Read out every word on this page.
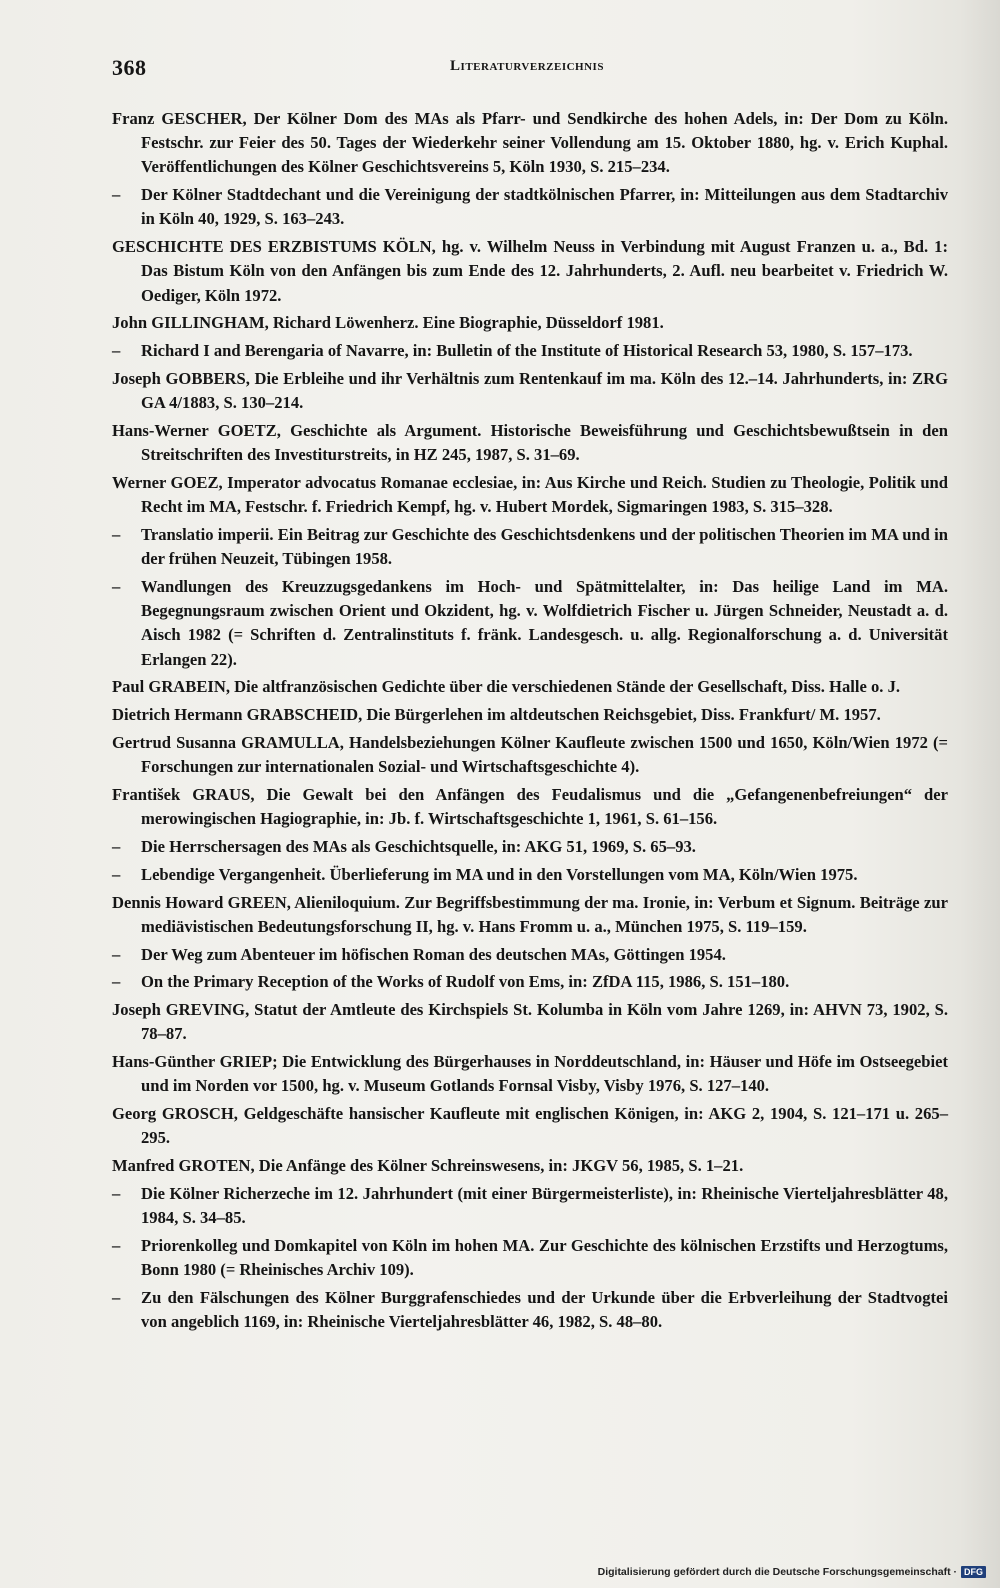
368	Literaturverzeichnis

Franz GESCHER, Der Kölner Dom des MAs als Pfarr- und Sendkirche des hohen Adels, in: Der Dom zu Köln. Festschr. zur Feier des 50. Tages der Wiederkehr seiner Vollendung am 15. Oktober 1880, hg. v. Erich Kuphal. Veröffentlichungen des Kölner Geschichtsvereins 5, Köln 1930, S. 215–234.

– Der Kölner Stadtdechant und die Vereinigung der stadtkölnischen Pfarrer, in: Mitteilungen aus dem Stadtarchiv in Köln 40, 1929, S. 163–243.

GESCHICHTE DES ERZBISTUMS KÖLN, hg. v. Wilhelm Neuss in Verbindung mit August Franzen u. a., Bd. 1: Das Bistum Köln von den Anfängen bis zum Ende des 12. Jahrhunderts, 2. Aufl. neu bearbeitet v. Friedrich W. Oediger, Köln 1972.

John GILLINGHAM, Richard Löwenherz. Eine Biographie, Düsseldorf 1981.

– Richard I and Berengaria of Navarre, in: Bulletin of the Institute of Historical Research 53, 1980, S. 157–173.

Joseph GOBBERS, Die Erbleihe und ihr Verhältnis zum Rentenkauf im ma. Köln des 12.–14. Jahrhunderts, in: ZRG GA 4/1883, S. 130–214.

Hans-Werner GOETZ, Geschichte als Argument. Historische Beweisführung und Geschichtsbewußtsein in den Streitschriften des Investiturstreits, in HZ 245, 1987, S. 31–69.

Werner GOEZ, Imperator advocatus Romanae ecclesiae, in: Aus Kirche und Reich. Studien zu Theologie, Politik und Recht im MA, Festschr. f. Friedrich Kempf, hg. v. Hubert Mordek, Sigmaringen 1983, S. 315–328.

– Translatio imperii. Ein Beitrag zur Geschichte des Geschichtsdenkens und der politischen Theorien im MA und in der frühen Neuzeit, Tübingen 1958.

– Wandlungen des Kreuzzugsgedankens im Hoch- und Spätmittelalter, in: Das heilige Land im MA. Begegnungsraum zwischen Orient und Okzident, hg. v. Wolfdietrich Fischer u. Jürgen Schneider, Neustadt a. d. Aisch 1982 (= Schriften d. Zentralinstituts f. fränk. Landesgesch. u. allg. Regionalforschung a. d. Universität Erlangen 22).

Paul GRABEIN, Die altfranzösischen Gedichte über die verschiedenen Stände der Gesellschaft, Diss. Halle o. J.

Dietrich Hermann GRABSCHEID, Die Bürgerlehen im altdeutschen Reichsgebiet, Diss. Frankfurt/ M. 1957.

Gertrud Susanna GRAMULLA, Handelsbeziehungen Kölner Kaufleute zwischen 1500 und 1650, Köln/Wien 1972 (= Forschungen zur internationalen Sozial- und Wirtschaftsgeschichte 4).

František GRAUS, Die Gewalt bei den Anfängen des Feudalismus und die „Gefangenenbefreiungen“ der merowingischen Hagiographie, in: Jb. f. Wirtschaftsgeschichte 1, 1961, S. 61–156.

– Die Herrschersagen des MAs als Geschichtsquelle, in: AKG 51, 1969, S. 65–93.

– Lebendige Vergangenheit. Überlieferung im MA und in den Vorstellungen vom MA, Köln/Wien 1975.

Dennis Howard GREEN, Alieniloquium. Zur Begriffsbestimmung der ma. Ironie, in: Verbum et Signum. Beiträge zur mediävistischen Bedeutungsforschung II, hg. v. Hans Fromm u. a., München 1975, S. 119–159.

– Der Weg zum Abenteuer im höfischen Roman des deutschen MAs, Göttingen 1954.

– On the Primary Reception of the Works of Rudolf von Ems, in: ZfDA 115, 1986, S. 151–180.

Joseph GREVING, Statut der Amtleute des Kirchspiels St. Kolumba in Köln vom Jahre 1269, in: AHVN 73, 1902, S. 78–87.

Hans-Günther GRIEP; Die Entwicklung des Bürgerhauses in Norddeutschland, in: Häuser und Höfe im Ostseegebiet und im Norden vor 1500, hg. v. Museum Gotlands Fornsal Visby, Visby 1976, S. 127–140.

Georg GROSCH, Geldgeschäfte hansischer Kaufleute mit englischen Königen, in: AKG 2, 1904, S. 121–171 u. 265–295.

Manfred GROTEN, Die Anfänge des Kölner Schreinswesens, in: JKGV 56, 1985, S. 1–21.

– Die Kölner Richerzeche im 12. Jahrhundert (mit einer Bürgermeisterliste), in: Rheinische Vierteljahresblätter 48, 1984, S. 34–85.

– Priorenkolleg und Domkapitel von Köln im hohen MA. Zur Geschichte des kölnischen Erzstifts und Herzogtums, Bonn 1980 (= Rheinisches Archiv 109).

– Zu den Fälschungen des Kölner Burggrafenschiedes und der Urkunde über die Erbverleihung der Stadtvogtei von angeblich 1169, in: Rheinische Vierteljahresblätter 46, 1982, S. 48–80.

Digitalisierung gefördert durch die Deutsche Forschungsgemeinschaft · DFG
